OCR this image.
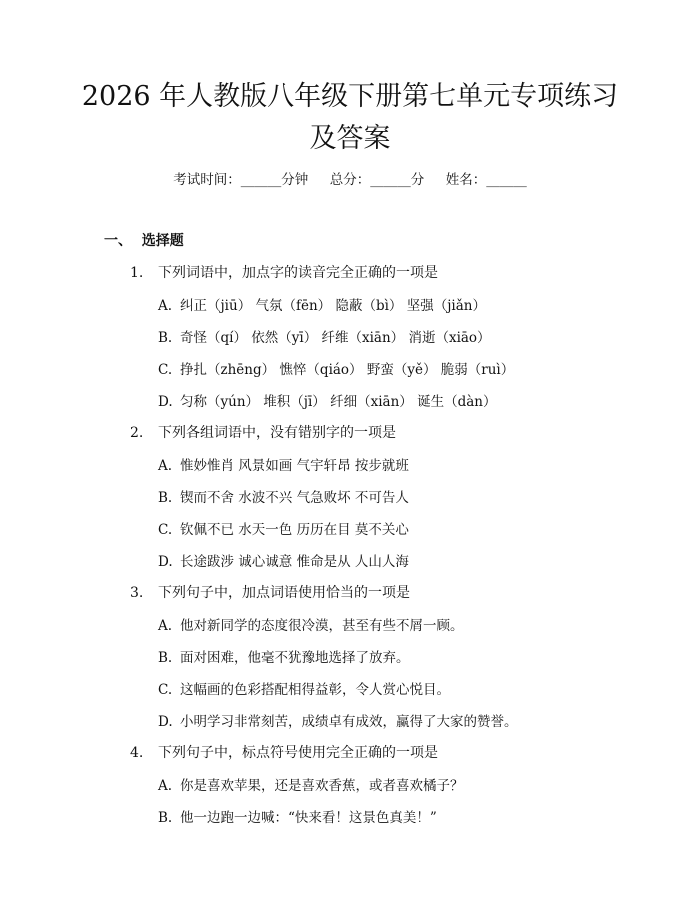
2026 年人教版八年级下册第七单元专项练习
及答案
考试时间：______分钟     总分：______分     姓名：______
一、  选择题
1. 下列词语中，加点字的读音完全正确的一项是
A. 纠正（jiū） 气氛（fēn） 隐蔽（bì） 坚强（jiǎn）
B. 奇怪（qí） 依然（yī） 纤维（xiān） 消逝（xiāo）
C. 挣扎（zhēng） 憔悴（qiáo） 野蛮（yě） 脆弱（ruì）
D. 匀称（yún） 堆积（jī） 纤细（xiān） 诞生（dàn）
2. 下列各组词语中，没有错别字的一项是
A. 惟妙惟肖 风景如画 气宇轩昂 按步就班
B. 锲而不舍 水波不兴 气急败坏 不可告人
C. 钦佩不已 水天一色 历历在目 莫不关心
D. 长途跋涉 诚心诚意 惟命是从 人山人海
3. 下列句子中，加点词语使用恰当的一项是
A. 他对新同学的态度很冷漠，甚至有些不屑一顾。
B. 面对困难，他毫不犹豫地选择了放弃。
C. 这幅画的色彩搭配相得益彰，令人赏心悦目。
D. 小明学习非常刻苦，成绩卓有成效，赢得了大家的赞誉。
4. 下列句子中，标点符号使用完全正确的一项是
A. 你是喜欢苹果，还是喜欢香蕉，或者喜欢橘子？
B. 他一边跑一边喊：“快来看！这景色真美！”
